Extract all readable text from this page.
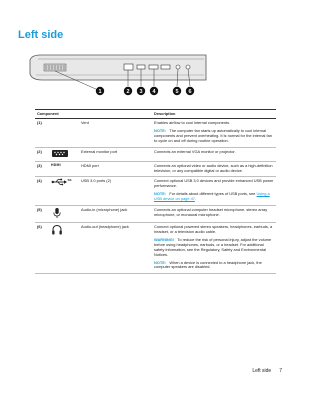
Left side
1	2 3 4	5 6
Component			Description
(1)		Vent	Enables airflow to cool internal components.
NOTE: The computer fan starts up automatically to cool internal components and prevent overheating. It is normal for the internal fan to cycle on and off during routine operation.

(2)		External monitor port	Connects an external VGA monitor or projector.
(3)	HDMI	HDMI port	Connects an optional video or audio device, such as a high-definition television, or any compatible digital or audio device.
(4)	SS	USB 3.0 ports (2)	Connect optional USB 3.0 devices and provide enhanced USB power performance.
NOTE: For details about different types of USB ports, see Using a USB device on page 47.

(5)		Audio-in (microphone) jack	Connects an optional computer headset microphone, stereo array microphone, or monaural microphone.
(6)		Audio-out (headphone) jack	Connect optional powered stereo speakers, headphones, earbuds, a headset, or a television audio cable.
WARNING! To reduce the risk of personal injury, adjust the volume before using headphones, earbuds, or a headset. For additional safety information, see the Regulatory, Safety and Environmental Notices.
NOTE: When a device is connected to a headphone jack, the computer speakers are disabled.
Left side 7
